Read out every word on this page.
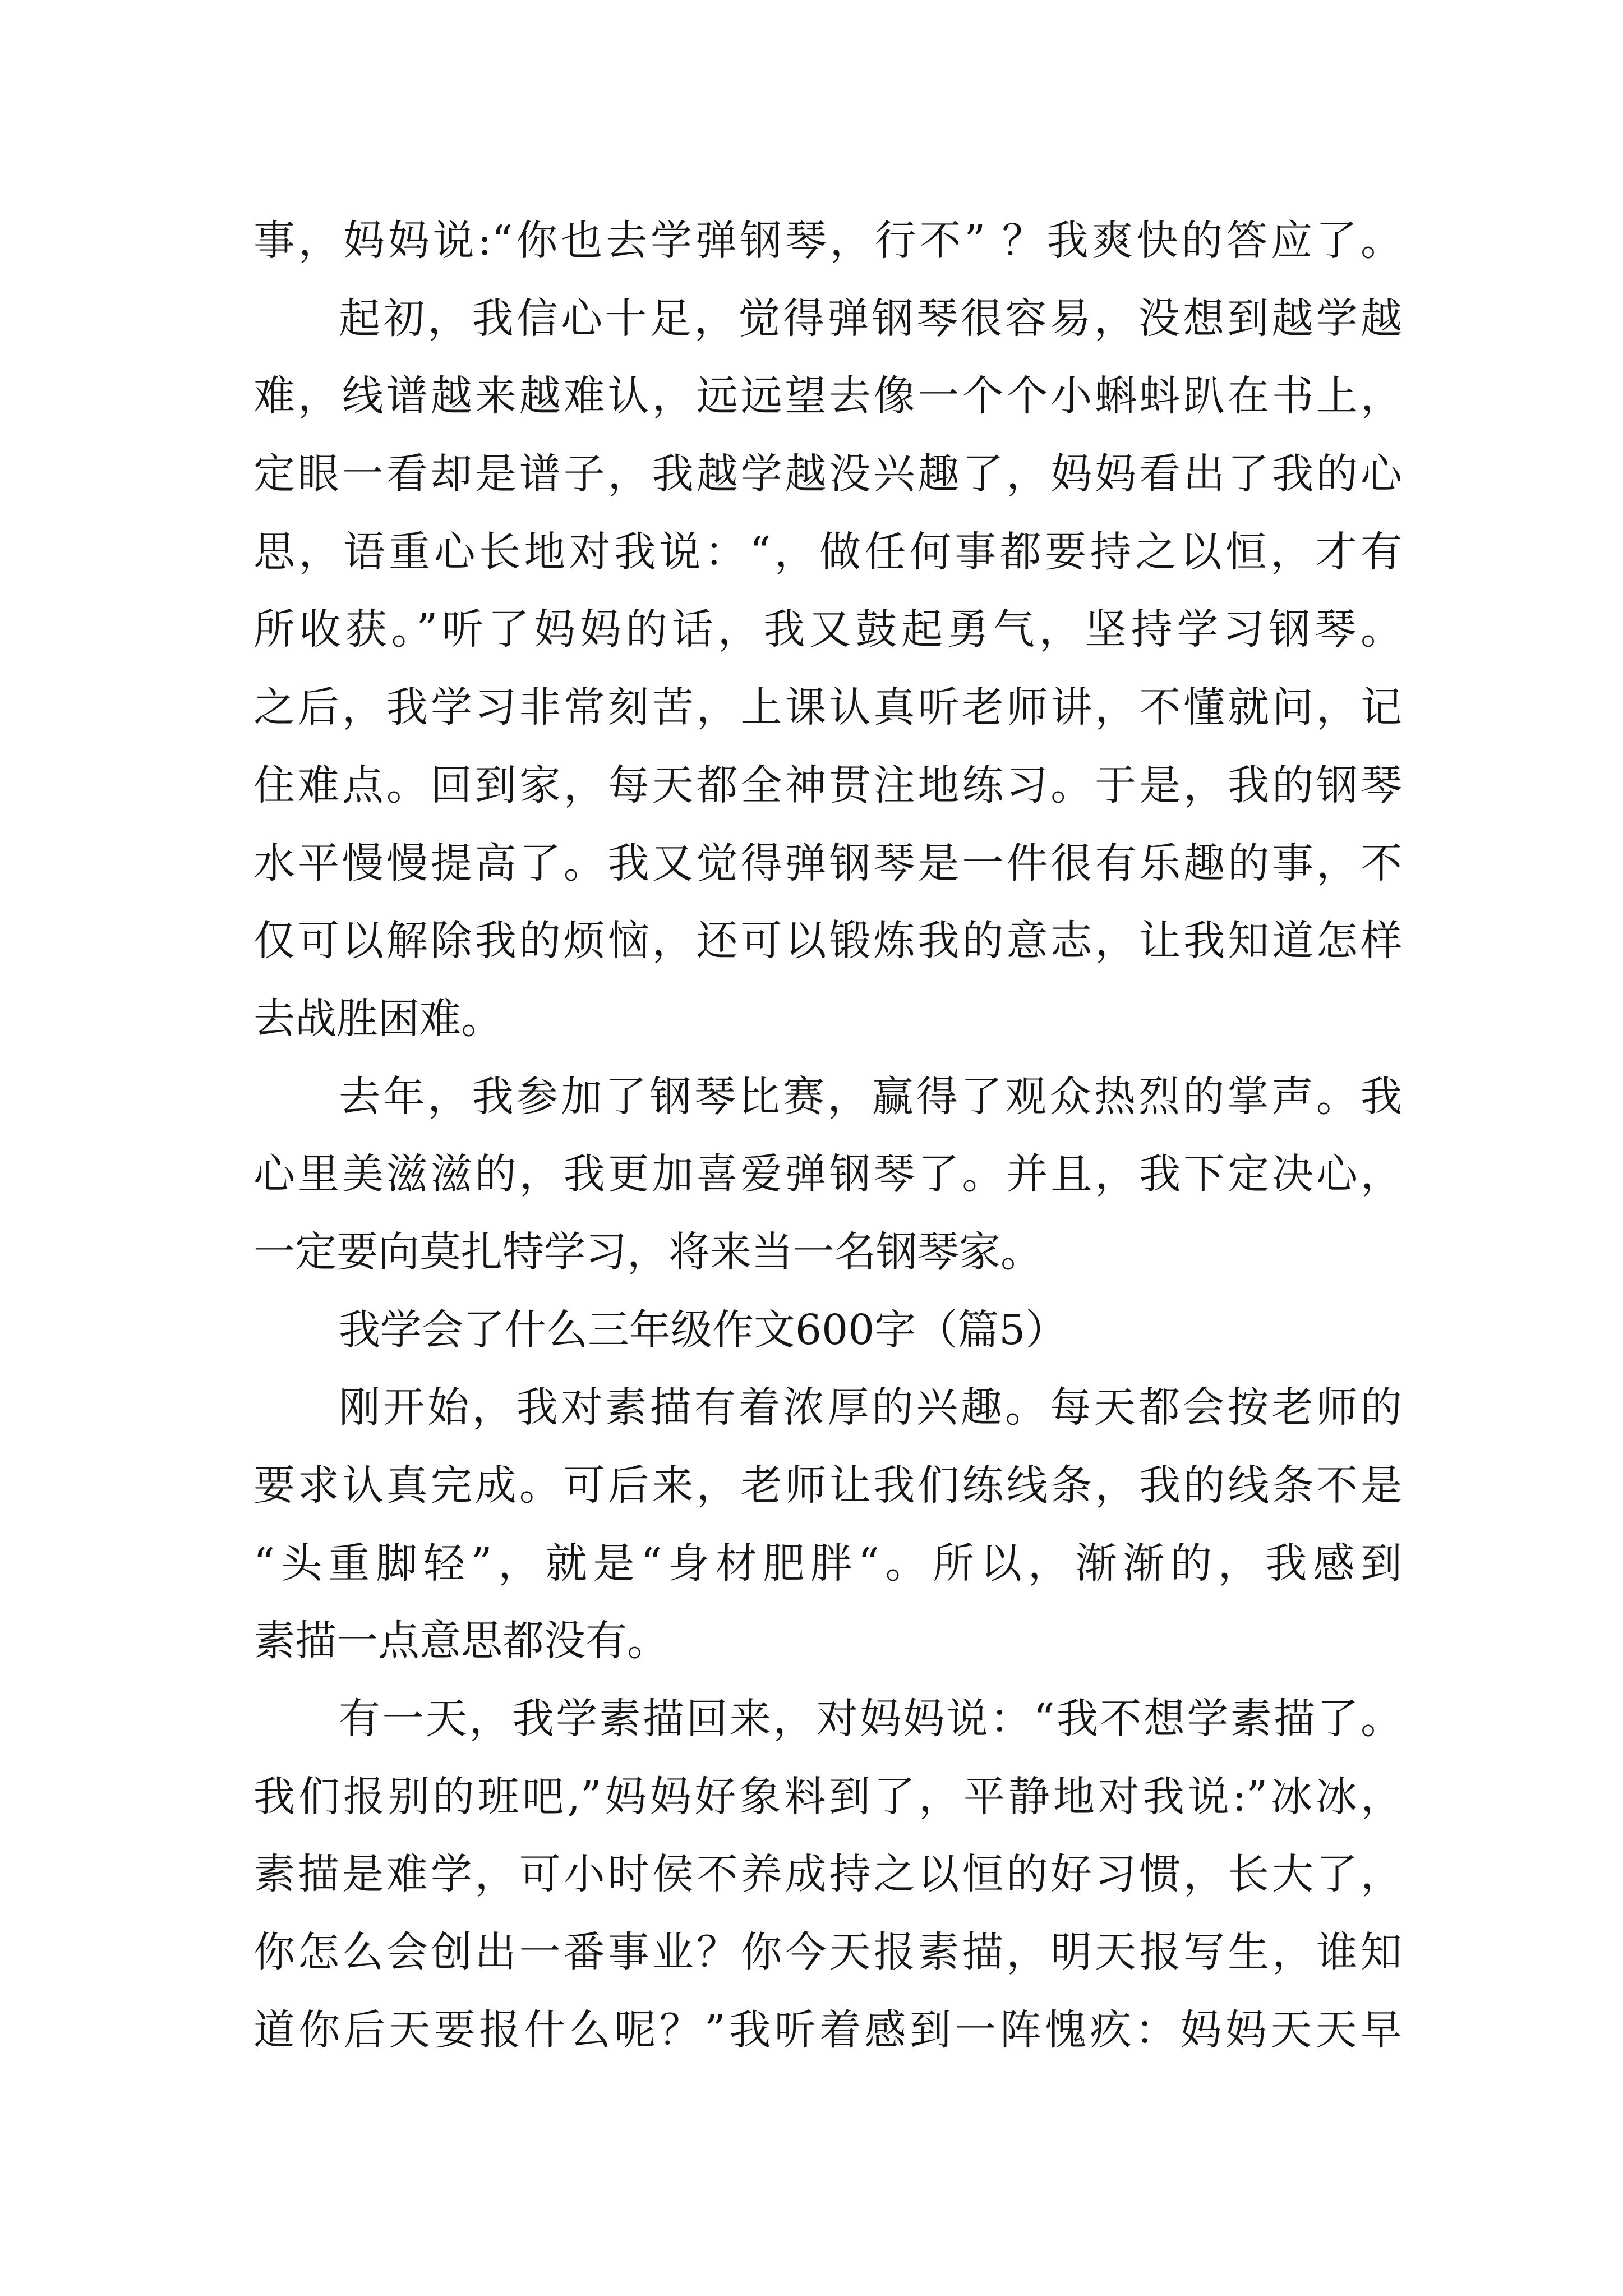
事，妈妈说:“你也去学弹钢琴，行不” ？我爽快的答应了。
起初，我信心十足，觉得弹钢琴很容易，没想到越学越
难，线谱越来越难认，远远望去像一个个小蝌蚪趴在书上，
定眼一看却是谱子，我越学越没兴趣了，妈妈看出了我的心
思，语重心长地对我说：“，做任何事都要持之以恒，才有
所收获。”听了妈妈的话，我又鼓起勇气，坚持学习钢琴。
之后，我学习非常刻苦，上课认真听老师讲，不懂就问，记
住难点。回到家，每天都全神贯注地练习。于是，我的钢琴
水平慢慢提高了。我又觉得弹钢琴是一件很有乐趣的事，不
仅可以解除我的烦恼，还可以锻炼我的意志，让我知道怎样
去战胜困难。
去年，我参加了钢琴比赛，赢得了观众热烈的掌声。我
心里美滋滋的，我更加喜爱弹钢琴了。并且，我下定决心，
一定要向莫扎特学习，将来当一名钢琴家。
我学会了什么三年级作文600字（篇5）
刚开始，我对素描有着浓厚的兴趣。每天都会按老师的
要求认真完成。可后来，老师让我们练线条，我的线条不是
“头重脚轻”，就是“身材肥胖“。所以，渐渐的，我感到
素描一点意思都没有。
有一天，我学素描回来，对妈妈说：“我不想学素描了。
我们报别的班吧,”妈妈好象料到了，平静地对我说:”冰冰，
素描是难学，可小时侯不养成持之以恒的好习惯，长大了，
你怎么会创出一番事业？你今天报素描，明天报写生，谁知
道你后天要报什么呢？”我听着感到一阵愧疚：妈妈天天早
